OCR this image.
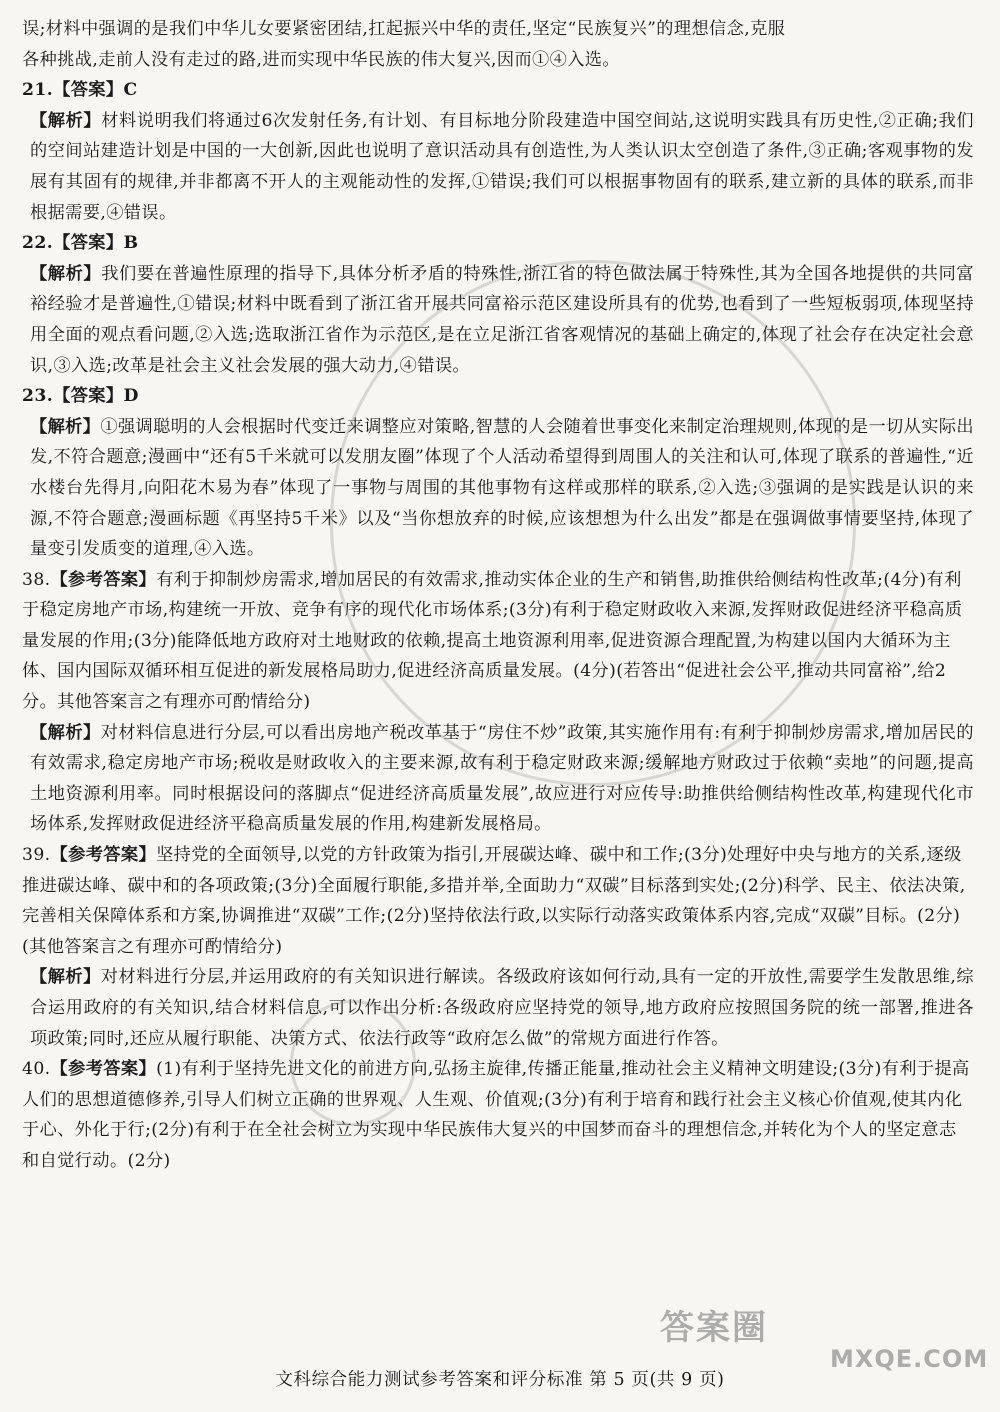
误;材料中强调的是我们中华儿女要紧密团结,扛起振兴中华的责任,坚定“民族复兴”的理想信念,克服

各种挑战,走前人没有走过的路,进而实现中华民族的伟大复兴,因而①④入选。

21.【答案】C

【解析】材料说明我们将通过6次发射任务,有计划、有目标地分阶段建造中国空间站,这说明实践具有历史性,②正确;我们的空间站建造计划是中国的一大创新,因此也说明了意识活动具有创造性,为人类认识太空创造了条件,③正确;客观事物的发展有其固有的规律,并非都离不开人的主观能动性的发挥,①错误;我们可以根据事物固有的联系,建立新的具体的联系,而非根据需要,④错误。

22.【答案】B

【解析】我们要在普遍性原理的指导下,具体分析矛盾的特殊性,浙江省的特色做法属于特殊性,其为全国各地提供的共同富裕经验才是普遍性,①错误;材料中既看到了浙江省开展共同富裕示范区建设所具有的优势,也看到了一些短板弱项,体现坚持用全面的观点看问题,②入选;选取浙江省作为示范区,是在立足浙江省客观情况的基础上确定的,体现了社会存在决定社会意识,③入选;改革是社会主义社会发展的强大动力,④错误。

23.【答案】D

【解析】①强调聪明的人会根据时代变迁来调整应对策略,智慧的人会随着世事变化来制定治理规则,体现的是一切从实际出发,不符合题意;漫画中“还有5千米就可以发朋友圈”体现了个人活动希望得到周围人的关注和认可,体现了联系的普遍性,“近水楼台先得月,向阳花木易为春”体现了一事物与周围的其他事物有这样或那样的联系,②入选;③强调的是实践是认识的来源,不符合题意;漫画标题《再坚持5千米》以及“当你想放弃的时候,应该想想为什么出发”都是在强调做事情要坚持,体现了量变引发质变的道理,④入选。

38.【参考答案】有利于抑制炒房需求,增加居民的有效需求,推动实体企业的生产和销售,助推供给侧结构性改革;(4分)有利于稳定房地产市场,构建统一开放、竞争有序的现代化市场体系;(3分)有利于稳定财政收入来源,发挥财政促进经济平稳高质量发展的作用;(3分)能降低地方政府对土地财政的依赖,提高土地资源利用率,促进资源合理配置,为构建以国内大循环为主体、国内国际双循环相互促进的新发展格局助力,促进经济高质量发展。(4分)(若答出“促进社会公平,推动共同富裕”,给2分。其他答案言之有理亦可酌情给分)

【解析】对材料信息进行分层,可以看出房地产税改革基于“房住不炒”政策,其实施作用有:有利于抑制炒房需求,增加居民的有效需求,稳定房地产市场;税收是财政收入的主要来源,故有利于稳定财政来源;缓解地方财政过于依赖“卖地”的问题,提高土地资源利用率。同时根据设问的落脚点“促进经济高质量发展”,故应进行对应传导:助推供给侧结构性改革,构建现代化市场体系,发挥财政促进经济平稳高质量发展的作用,构建新发展格局。

39.【参考答案】坚持党的全面领导,以党的方针政策为指引,开展碳达峰、碳中和工作;(3分)处理好中央与地方的关系,逐级推进碳达峰、碳中和的各项政策;(3分)全面履行职能,多措并举,全面助力“双碳”目标落到实处;(2分)科学、民主、依法决策,完善相关保障体系和方案,协调推进“双碳”工作;(2分)坚持依法行政,以实际行动落实政策体系内容,完成“双碳”目标。(2分)(其他答案言之有理亦可酌情给分)

【解析】对材料进行分层,并运用政府的有关知识进行解读。各级政府该如何行动,具有一定的开放性,需要学生发散思维,综合运用政府的有关知识,结合材料信息,可以作出分析:各级政府应坚持党的领导,地方政府应按照国务院的统一部署,推进各项政策;同时,还应从履行职能、决策方式、依法行政等“政府怎么做”的常规方面进行作答。

40.【参考答案】(1)有利于坚持先进文化的前进方向,弘扬主旋律,传播正能量,推动社会主义精神文明建设;(3分)有利于提高人们的思想道德修养,引导人们树立正确的世界观、人生观、价值观;(3分)有利于培育和践行社会主义核心价值观,使其内化于心、外化于行;(2分)有利于在全社会树立为实现中华民族伟大复兴的中国梦而奋斗的理想信念,并转化为个人的坚定意志和自觉行动。(2分)

文科综合能力测试参考答案和评分标准 第 5 页(共 9 页)
答案圈
MXQE.COM
